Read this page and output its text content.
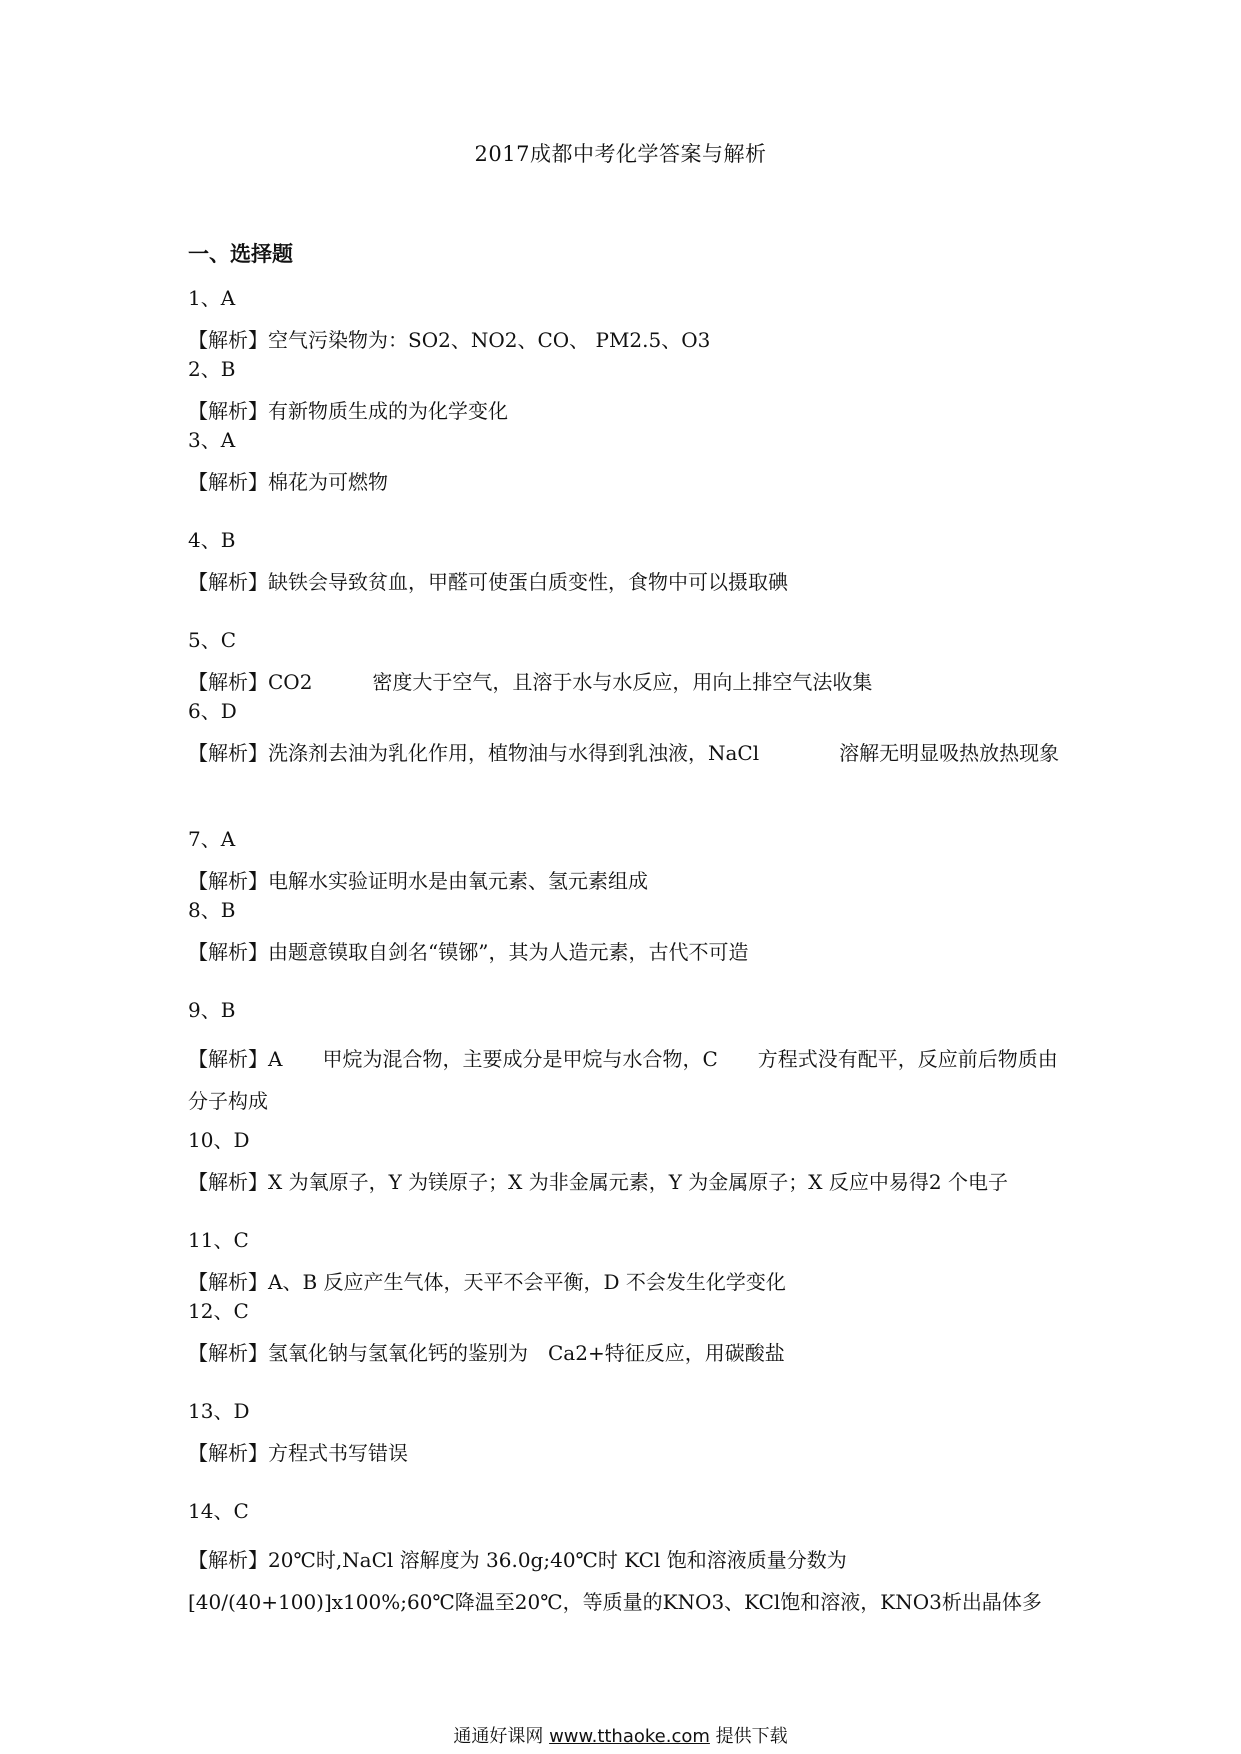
2017成都中考化学答案与解析
一、选择题
1、A
【解析】空气污染物为：SO2、NO2、CO、 PM2.5、O3
2、B
【解析】有新物质生成的为化学变化
3、A
【解析】棉花为可燃物
4、B
【解析】缺铁会导致贫血，甲醛可使蛋白质变性，食物中可以摄取碘
5、C
【解析】CO2　　　密度大于空气，且溶于水与水反应，用向上排空气法收集
6、D
【解析】洗涤剂去油为乳化作用，植物油与水得到乳浊液，NaCl　　　　溶解无明显吸热放热现象
7、A
【解析】电解水实验证明水是由氧元素、氢元素组成
8、B
【解析】由题意镆取自剑名“镆铘”，其为人造元素，古代不可造
9、B
【解析】A　　甲烷为混合物，主要成分是甲烷与水合物，C　　方程式没有配平，反应前后物质由 分子构成
10、D
【解析】X 为氧原子，Y 为镁原子；X 为非金属元素，Y 为金属原子；X 反应中易得2 个电子
11、C
【解析】A、B 反应产生气体，天平不会平衡，D 不会发生化学变化
12、C
【解析】氢氧化钠与氢氧化钙的鉴别为　Ca2+特征反应，用碳酸盐
13、D
【解析】方程式书写错误
14、C
【解析】20℃时,NaCl 溶解度为 36.0g;40℃时 KCl 饱和溶液质量分数为[40/(40+100)]x100%;60℃降温至20℃，等质量的KNO3、KCl饱和溶液，KNO3析出晶体多
通通好课网 www.tthaoke.com 提供下载
